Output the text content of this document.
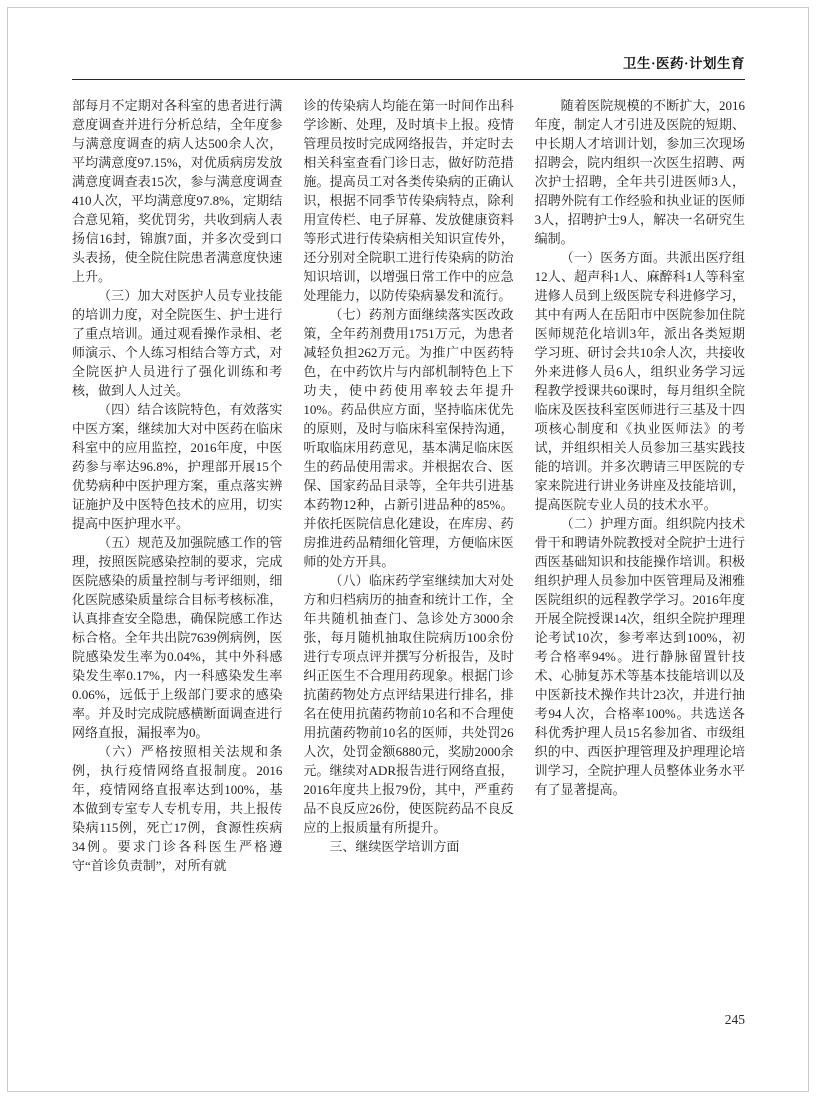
卫生·医药·计划生育

部每月不定期对各科室的患者进行满意度调查并进行分析总结，全年度参与满意度调查的病人达500余人次，平均满意度97.15%，对优质病房发放满意度调查表15次，参与满意度调查410人次，平均满意度97.8%，定期结合意见箱，奖优罚劣，共收到病人表扬信16封，锦旗7面，并多次受到口头表扬，使全院住院患者满意度快速上升。

（三）加大对医护人员专业技能的培训力度，对全院医生、护士进行了重点培训。通过观看操作录相、老师演示、个人练习相结合等方式，对全院医护人员进行了强化训练和考核，做到人人过关。

（四）结合该院特色，有效落实中医方案，继续加大对中医药在临床科室中的应用监控，2016年度，中医药参与率达96.8%，护理部开展15个优势病种中医护理方案，重点落实辨证施护及中医特色技术的应用，切实提高中医护理水平。

（五）规范及加强院感工作的管理，按照医院感染控制的要求，完成医院感染的质量控制与考评细则，细化医院感染质量综合目标考核标准，认真排查安全隐患，确保院感工作达标合格。全年共出院7639例病例，医院感染发生率为0.04%，其中外科感染发生率0.17%，内一科感染发生率0.06%，远低于上级部门要求的感染率。并及时完成院感横断面调查进行网络直报，漏报率为0。

（六）严格按照相关法规和条例，执行疫情网络直报制度。2016年，疫情网络直报率达到100%，基本做到专室专人专机专用，共上报传染病115例，死亡17例，食源性疾病34例。要求门诊各科医生严格遵守“首诊负责制”，对所有就

诊的传染病人均能在第一时间作出科学诊断、处理，及时填卡上报。疫情管理员按时完成网络报告，并定时去相关科室查看门诊日志，做好防范措施。提高员工对各类传染病的正确认识，根据不同季节传染病特点，除利用宣传栏、电子屏幕、发放健康资料等形式进行传染病相关知识宣传外，还分别对全院职工进行传染病的防治知识培训，以增强日常工作中的应急处理能力，以防传染病暴发和流行。

（七）药剂方面继续落实医改政策，全年药剂费用1751万元，为患者减轻负担262万元。为推广中医药特色，在中药饮片与内部机制特色上下功夫，使中药使用率较去年提升10%。药品供应方面，坚持临床优先的原则，及时与临床科室保持沟通，听取临床用药意见，基本满足临床医生的药品使用需求。并根据农合、医保、国家药品目录等，全年共引进基本药物12种，占新引进品种的85%。并依托医院信息化建设，在库房、药房推进药品精细化管理，方便临床医师的处方开具。

（八）临床药学室继续加大对处方和归档病历的抽查和统计工作，全年共随机抽查门、急诊处方3000余张，每月随机抽取住院病历100余份进行专项点评并撰写分析报告，及时纠正医生不合理用药现象。根据门诊抗菌药物处方点评结果进行排名，排名在使用抗菌药物前10名和不合理使用抗菌药物前10名的医师，共处罚26人次，处罚金额6880元，奖励2000余元。继续对ADR报告进行网络直报，2016年度共上报79份，其中，严重药品不良反应26份，使医院药品不良反应的上报质量有所提升。

三、继续医学培训方面

随着医院规模的不断扩大，2016年度，制定人才引进及医院的短期、中长期人才培训计划，参加三次现场招聘会，院内组织一次医生招聘、两次护士招聘，全年共引进医师3人，招聘外院有工作经验和执业证的医师3人，招聘护士9人，解决一名研究生编制。

（一）医务方面。共派出医疗组12人、超声科1人、麻醉科1人等科室进修人员到上级医院专科进修学习，其中有两人在岳阳市中医院参加住院医师规范化培训3年，派出各类短期学习班、研讨会共10余人次，共接收外来进修人员6人，组织业务学习远程教学授课共60课时，每月组织全院临床及医技科室医师进行三基及十四项核心制度和《执业医师法》的考试，并组织相关人员参加三基实践技能的培训。并多次聘请三甲医院的专家来院进行讲业务讲座及技能培训，提高医院专业人员的技术水平。

（二）护理方面。组织院内技术骨干和聘请外院教授对全院护士进行西医基础知识和技能操作培训。积极组织护理人员参加中医管理局及湘雅医院组织的远程教学学习。2016年度开展全院授课14次，组织全院护理理论考试10次，参考率达到100%，初考合格率94%。进行静脉留置针技术、心肺复苏术等基本技能培训以及中医新技术操作共计23次，并进行抽考94人次，合格率100%。共选送各科优秀护理人员15名参加省、市级组织的中、西医护理管理及护理理论培训学习，全院护理人员整体业务水平有了显著提高。

245
